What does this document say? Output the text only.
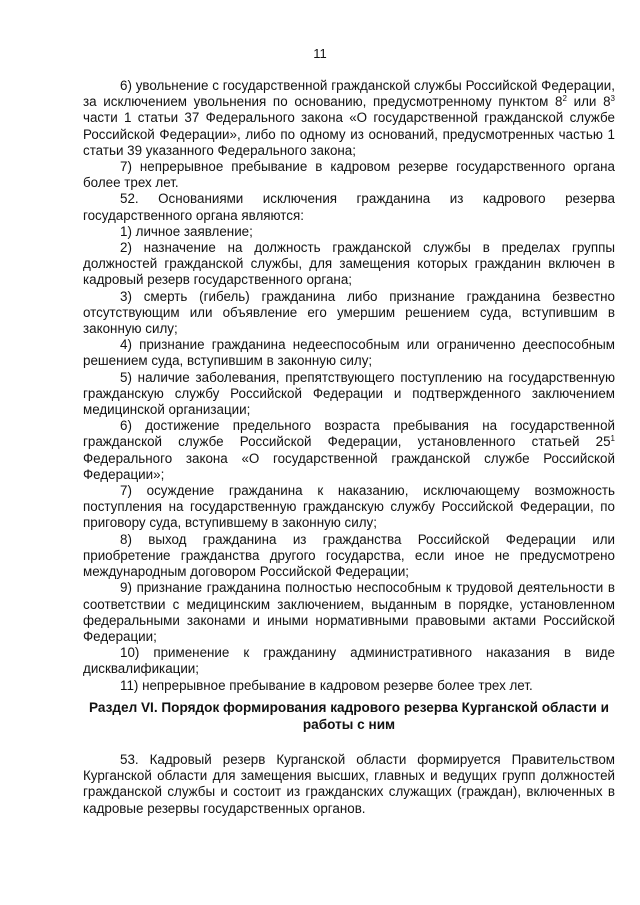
11

6) увольнение с государственной гражданской службы Российской Федерации, за исключением увольнения по основанию, предусмотренному пунктом $8^2$ или $8^3$ части 1 статьи 37 Федерального закона «О государственной гражданской службе Российской Федерации», либо по одному из оснований, предусмотренных частью 1 статьи 39 указанного Федерального закона;

7) непрерывное пребывание в кадровом резерве государственного органа более трех лет.

52. Основаниями исключения гражданина из кадрового резерва государственного органа являются:

1) личное заявление;

2) назначение на должность гражданской службы в пределах группы должностей гражданской службы, для замещения которых гражданин включен в кадровый резерв государственного органа;

3) смерть (гибель) гражданина либо признание гражданина безвестно отсутствующим или объявление его умершим решением суда, вступившим в законную силу;

4) признание гражданина недееспособным или ограниченно дееспособным решением суда, вступившим в законную силу;

5) наличие заболевания, препятствующего поступлению на государственную гражданскую службу Российской Федерации и подтвержденного заключением медицинской организации;

6) достижение предельного возраста пребывания на государственной гражданской службе Российской Федерации, установленного статьей $25^1$ Федерального закона «О государственной гражданской службе Российской Федерации»;

7) осуждение гражданина к наказанию, исключающему возможность поступления на государственную гражданскую службу Российской Федерации, по приговору суда, вступившему в законную силу;

8) выход гражданина из гражданства Российской Федерации или приобретение гражданства другого государства, если иное не предусмотрено международным договором Российской Федерации;

9) признание гражданина полностью неспособным к трудовой деятельности в соответствии с медицинским заключением, выданным в порядке, установленном федеральными законами и иными нормативными правовыми актами Российской Федерации;

10) применение к гражданину административного наказания в виде дисквалификации;

11) непрерывное пребывание в кадровом резерве более трех лет.

Раздел VI. Порядок формирования кадрового резерва Курганской области и работы с ним

53. Кадровый резерв Курганской области формируется Правительством Курганской области для замещения высших, главных и ведущих групп должностей гражданской службы и состоит из гражданских служащих (граждан), включенных в кадровые резервы государственных органов.
